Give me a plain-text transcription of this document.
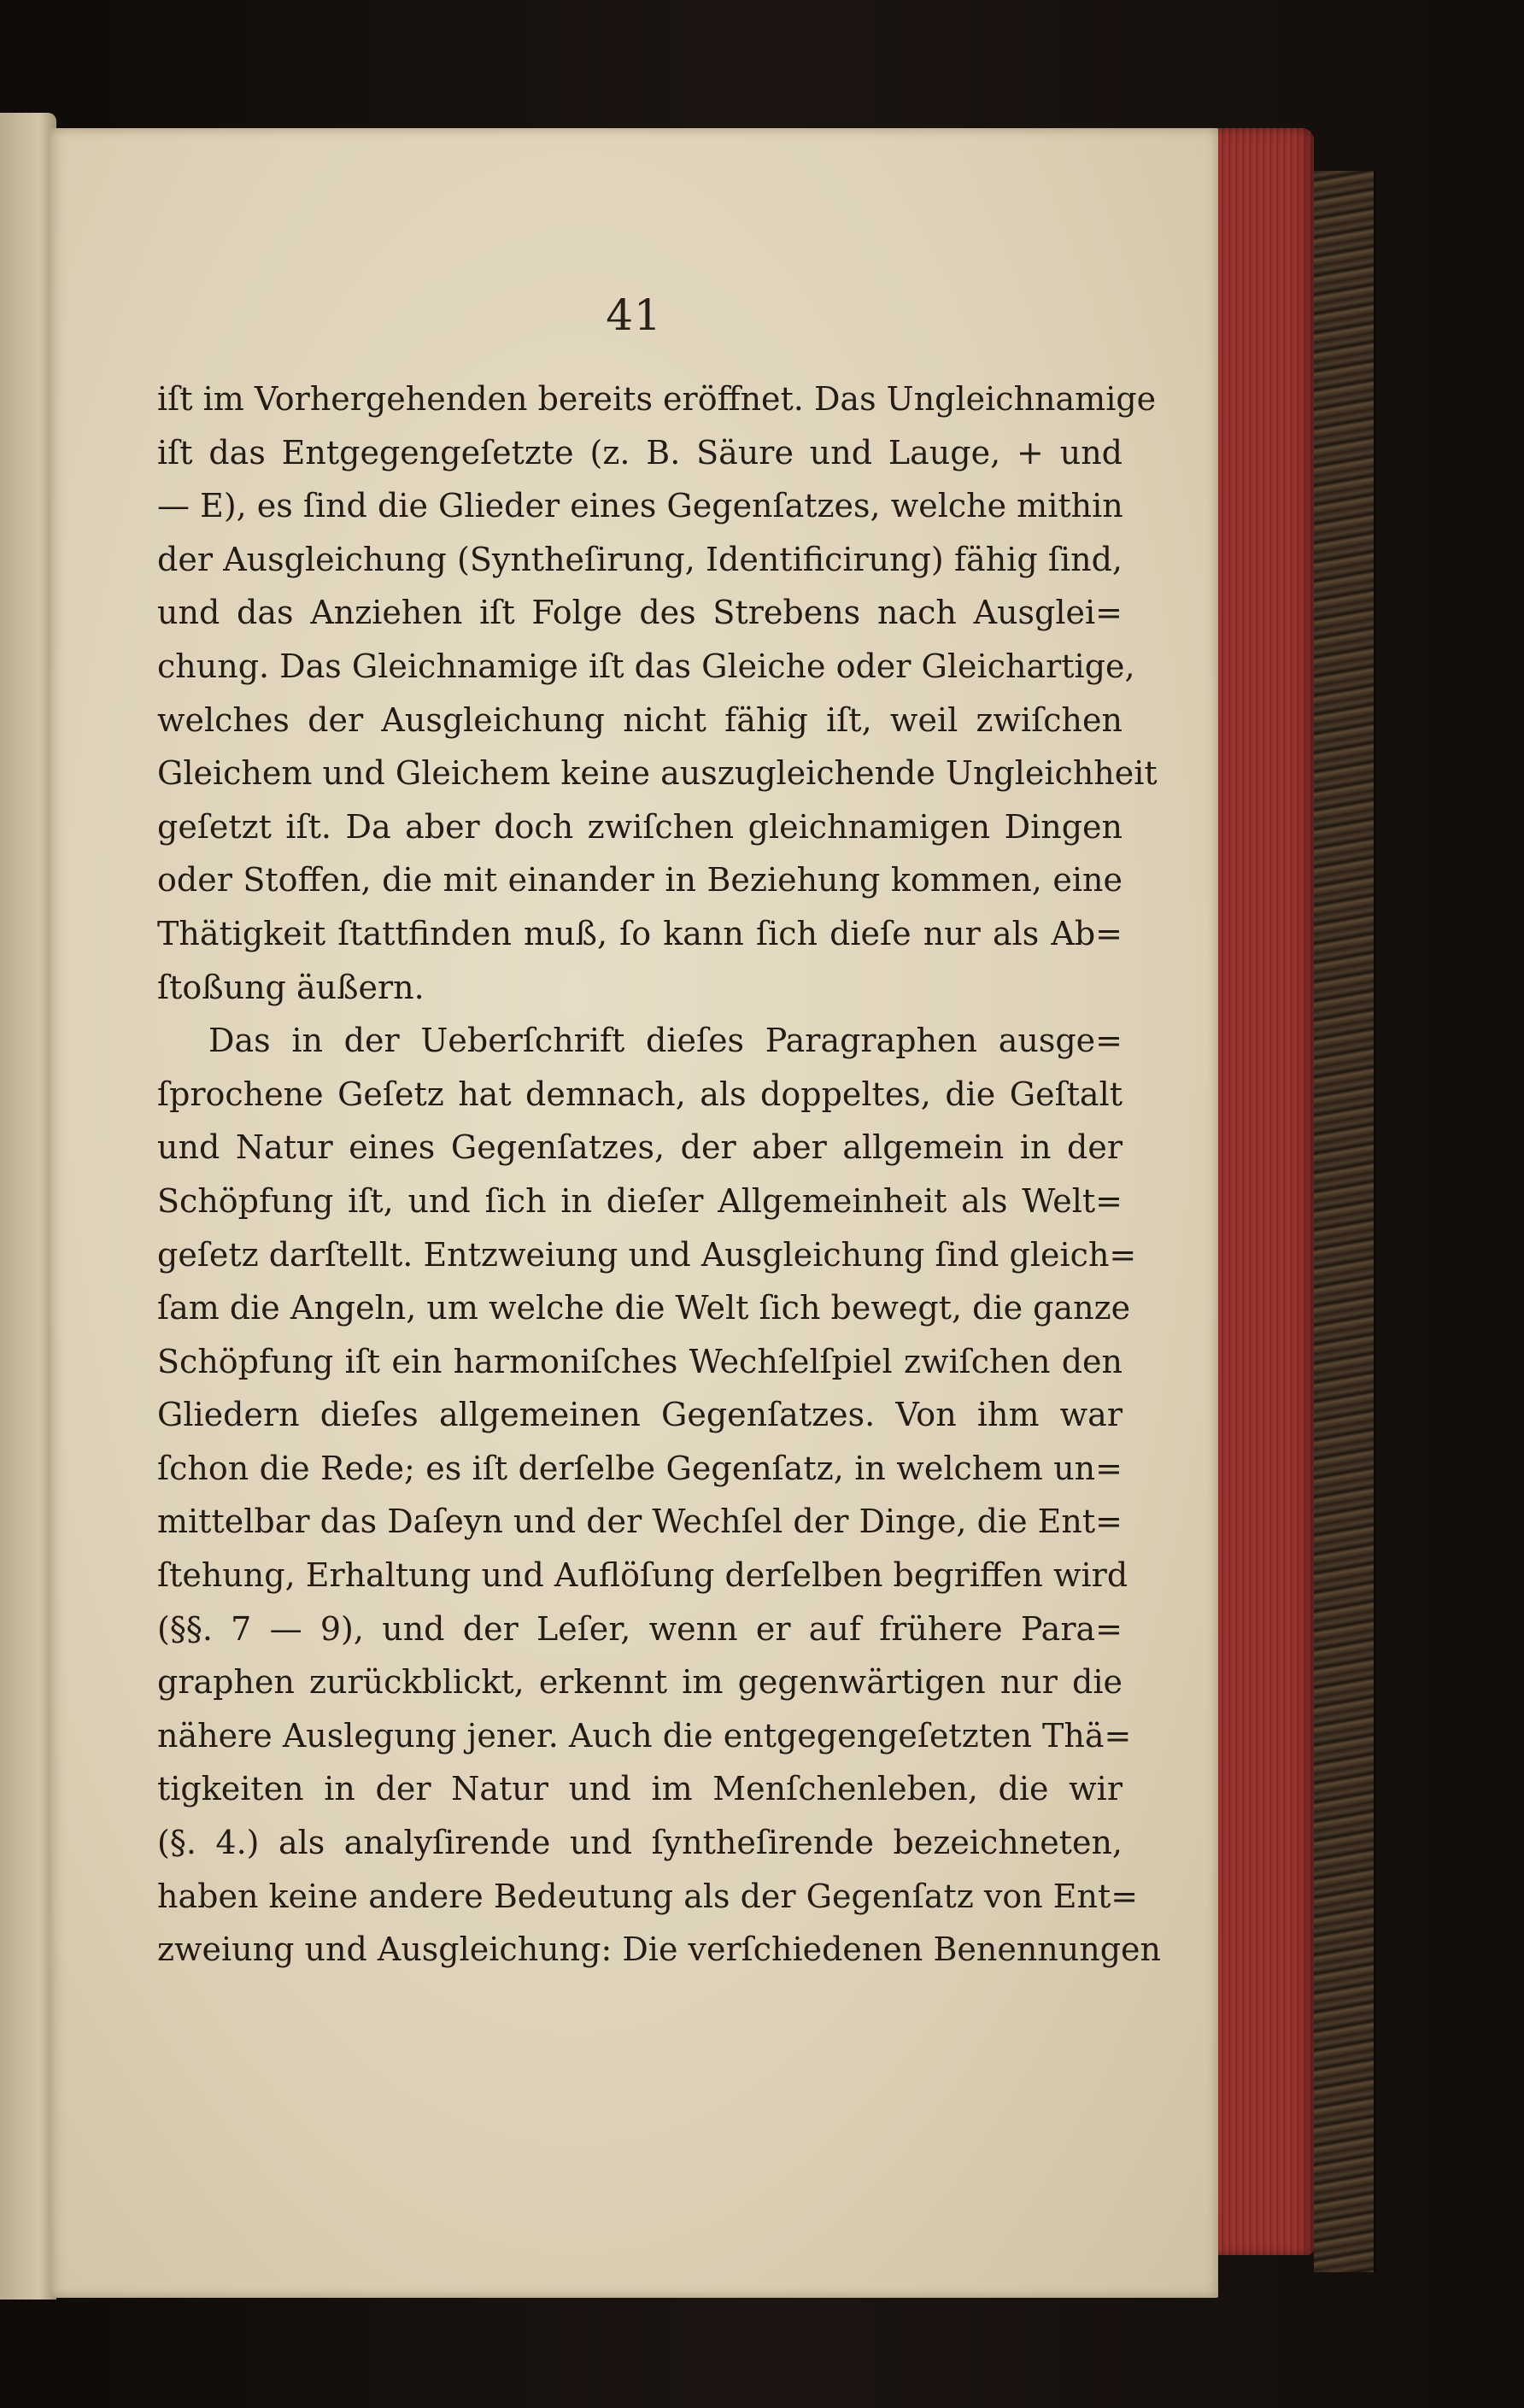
41
iſt im Vorhergehenden bereits eröffnet. Das Ungleichnamige
iſt das Entgegengeſetzte (z. B. Säure und Lauge, + und
— E), es ſind die Glieder eines Gegenſatzes, welche mithin
der Ausgleichung (Syntheſirung, Identificirung) fähig ſind,
und das Anziehen iſt Folge des Strebens nach Ausglei=
chung. Das Gleichnamige iſt das Gleiche oder Gleichartige,
welches der Ausgleichung nicht fähig iſt, weil zwiſchen
Gleichem und Gleichem keine auszugleichende Ungleichheit
geſetzt iſt. Da aber doch zwiſchen gleichnamigen Dingen
oder Stoffen, die mit einander in Beziehung kommen, eine
Thätigkeit ſtattfinden muß, ſo kann ſich dieſe nur als Ab=
ſtoßung äußern.
Das in der Ueberſchrift dieſes Paragraphen ausge=
ſprochene Geſetz hat demnach, als doppeltes, die Geſtalt
und Natur eines Gegenſatzes, der aber allgemein in der
Schöpfung iſt, und ſich in dieſer Allgemeinheit als Welt=
geſetz darſtellt. Entzweiung und Ausgleichung ſind gleich=
ſam die Angeln, um welche die Welt ſich bewegt, die ganze
Schöpfung iſt ein harmoniſches Wechſelſpiel zwiſchen den
Gliedern dieſes allgemeinen Gegenſatzes. Von ihm war
ſchon die Rede; es iſt derſelbe Gegenſatz, in welchem un=
mittelbar das Daſeyn und der Wechſel der Dinge, die Ent=
ſtehung, Erhaltung und Auflöſung derſelben begriffen wird
(§§. 7 — 9), und der Leſer, wenn er auf frühere Para=
graphen zurückblickt, erkennt im gegenwärtigen nur die
nähere Auslegung jener. Auch die entgegengeſetzten Thä=
tigkeiten in der Natur und im Menſchenleben, die wir
(§. 4.) als analyſirende und ſyntheſirende bezeichneten,
haben keine andere Bedeutung als der Gegenſatz von Ent=
zweiung und Ausgleichung: Die verſchiedenen Benennungen
